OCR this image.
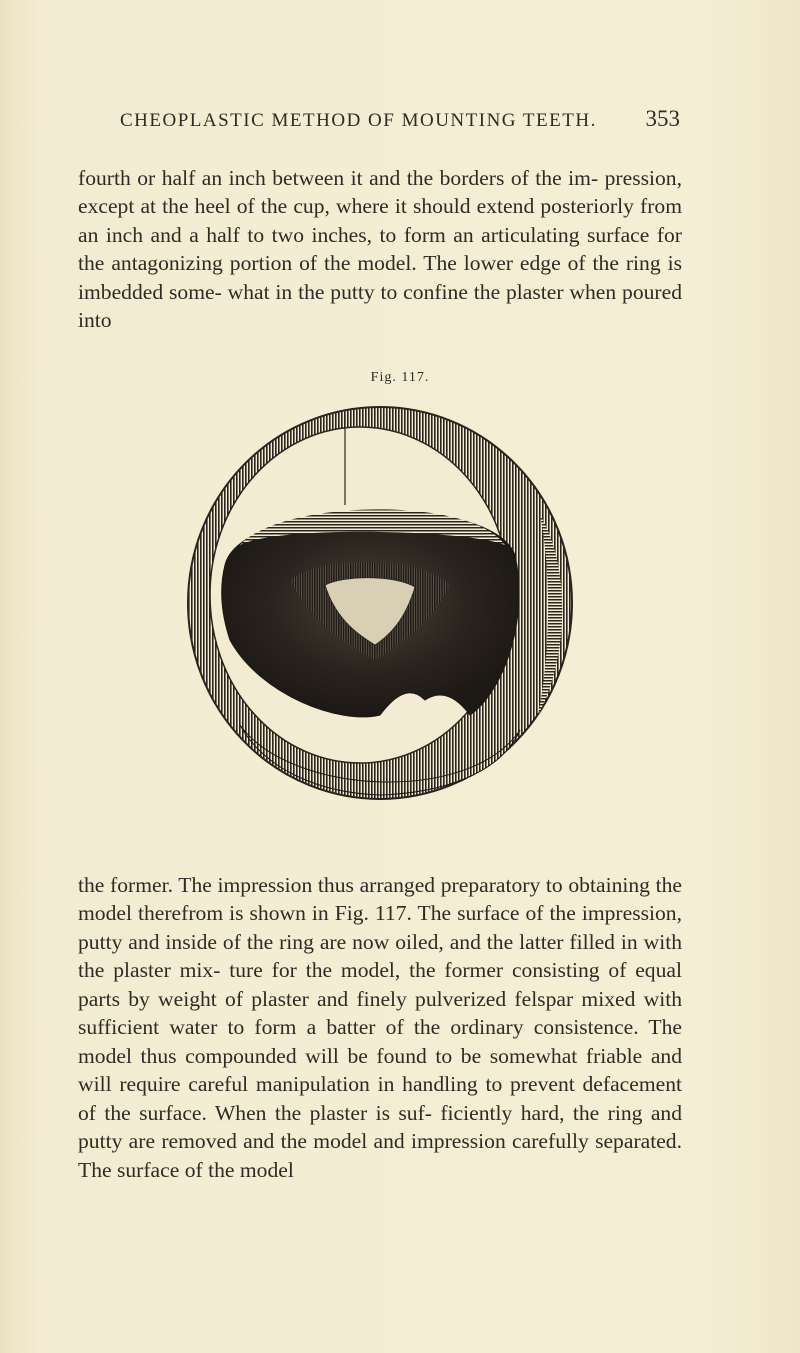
CHEOPLASTIC METHOD OF MOUNTING TEETH. 353

fourth or half an inch between it and the borders of the im- pression, except at the heel of the cup, where it should extend posteriorly from an inch and a half to two inches, to form an articulating surface for the antagonizing portion of the model. The lower edge of the ring is imbedded some- what in the putty to confine the plaster when poured into

Fig. 117.

the former. The impression thus arranged preparatory to obtaining the model therefrom is shown in Fig. 117. The surface of the impression, putty and inside of the ring are now oiled, and the latter filled in with the plaster mix- ture for the model, the former consisting of equal parts by weight of plaster and finely pulverized felspar mixed with sufficient water to form a batter of the ordinary consistence. The model thus compounded will be found to be somewhat friable and will require careful manipulation in handling to prevent defacement of the surface. When the plaster is suf- ficiently hard, the ring and putty are removed and the model and impression carefully separated. The surface of the model
